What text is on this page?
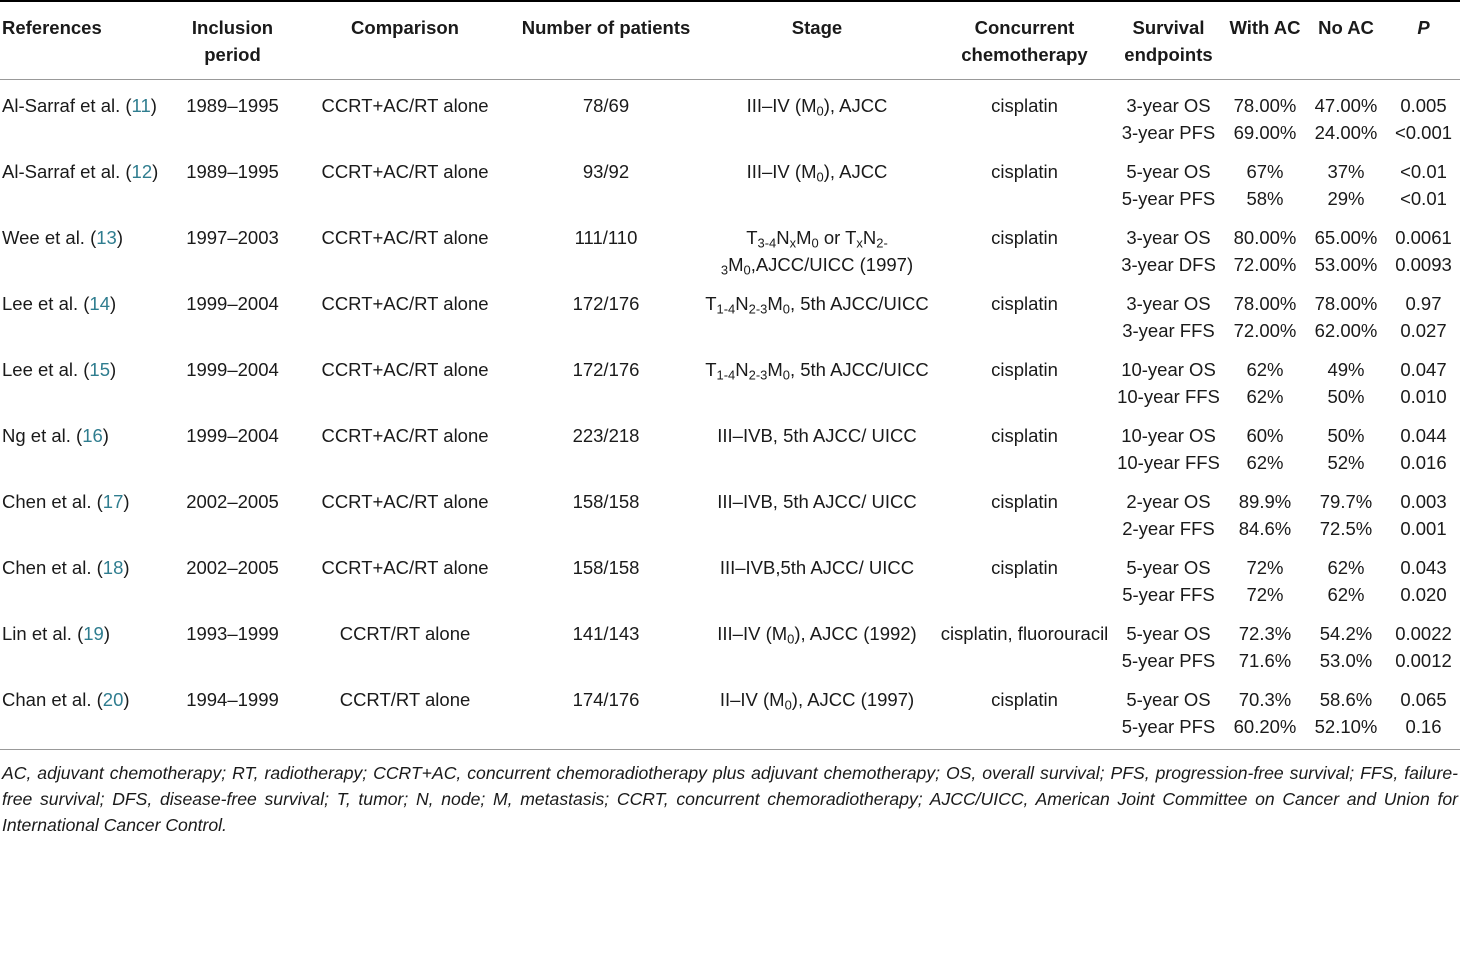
References	Inclusion period	Comparison	Number of patients	Stage	Concurrent chemotherapy	Survival endpoints	With AC	No AC	P
Al-Sarraf et al. (11)	1989–1995	CCRT+AC/RT alone	78/69	III–IV $(M_0)$, AJCC	cisplatin	3-year OS	78.00%	47.00%	0.005
						3-year PFS	69.00%	24.00%	<0.001
Al-Sarraf et al. (12)	1989–1995	CCRT+AC/RT alone	93/92	III–IV $(M_0)$, AJCC	cisplatin	5-year OS	67%	37%	<0.01
						5-year PFS	58%	29%	<0.01
Wee et al. (13)	1997–2003	CCRT+AC/RT alone	111/110	$T_{3-4}N_xM_0$ or $T_xN_{2-3}M_0,AJCC$/UICC (1997)	cisplatin	3-year OS	80.00%	65.00%	0.0061
						3-year DFS	72.00%	53.00%	0.0093
Lee et al. (14)	1999–2004	CCRT+AC/RT alone	172/176	$T_{1-4}N_{2-3}M_0$, 5th AJCC/UICC	cisplatin	3-year OS	78.00%	78.00%	0.97
						3-year FFS	72.00%	62.00%	0.027
Lee et al. (15)	1999–2004	CCRT+AC/RT alone	172/176	$T_{1-4}N_{2-3}M_0$, 5th AJCC/UICC	cisplatin	10-year OS	62%	49%	0.047
						10-year FFS	62%	50%	0.010
Ng et al. (16)	1999–2004	CCRT+AC/RT alone	223/218	III–IVB, 5th AJCC/ UICC	cisplatin	10-year OS	60%	50%	0.044
						10-year FFS	62%	52%	0.016
Chen et al. (17)	2002–2005	CCRT+AC/RT alone	158/158	III–IVB, 5th AJCC/ UICC	cisplatin	2-year OS	89.9%	79.7%	0.003
						2-year FFS	84.6%	72.5%	0.001
Chen et al. (18)	2002–2005	CCRT+AC/RT alone	158/158	III–IVB,5th AJCC/ UICC	cisplatin	5-year OS	72%	62%	0.043
						5-year FFS	72%	62%	0.020
Lin et al. (19)	1993–1999	CCRT/RT alone	141/143	III–IV $(M_0)$, AJCC (1992)	cisplatin, fluorouracil	5-year OS	72.3%	54.2%	0.0022
						5-year PFS	71.6%	53.0%	0.0012
Chan et al. (20)	1994–1999	CCRT/RT alone	174/176	II–IV $(M_0)$, AJCC (1997)	cisplatin	5-year OS	70.3%	58.6%	0.065
						5-year PFS	60.20%	52.10%	0.16
AC, adjuvant chemotherapy; RT, radiotherapy; CCRT+AC, concurrent chemoradiotherapy plus adjuvant chemotherapy; OS, overall survival; PFS, progression-free survival; FFS, failure-free survival; DFS, disease-free survival; T, tumor; N, node; M, metastasis; CCRT, concurrent chemoradiotherapy; AJCC/UICC, American Joint Committee on Cancer and Union for International Cancer Control.
